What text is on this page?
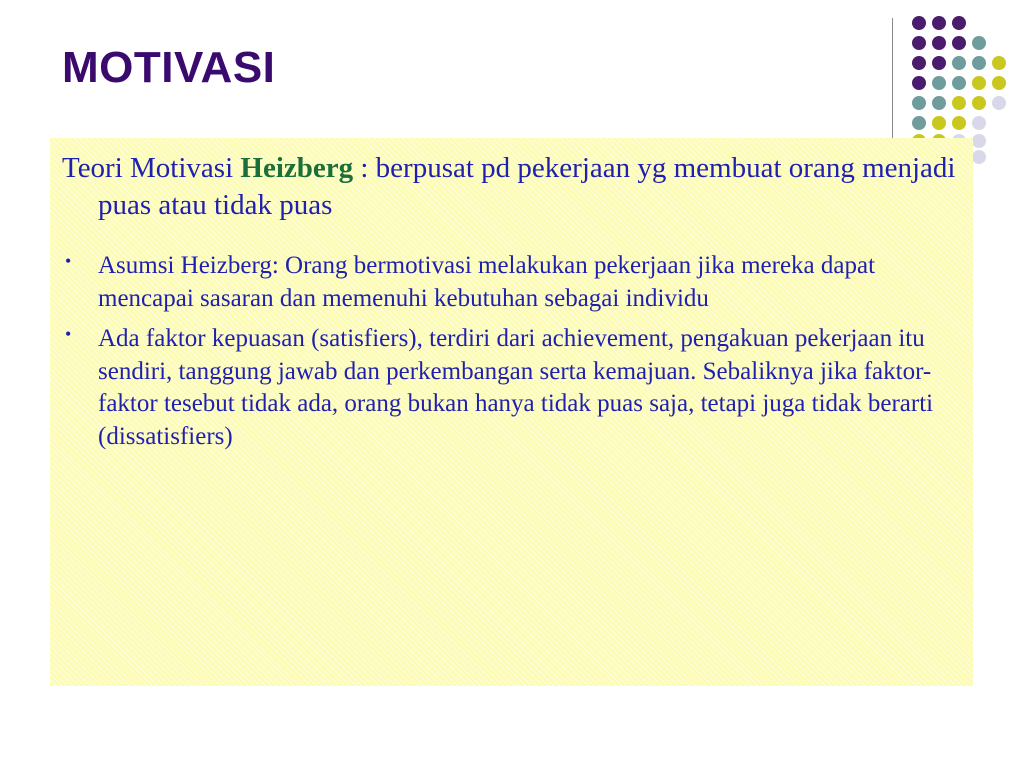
MOTIVASI

Teori Motivasi Heizberg : berpusat pd pekerjaan yg membuat orang menjadi puas atau tidak puas

• Asumsi Heizberg: Orang bermotivasi melakukan pekerjaan jika mereka dapat mencapai sasaran dan memenuhi kebutuhan sebagai individu
• Ada faktor kepuasan (satisfiers), terdiri dari achievement, pengakuan pekerjaan itu sendiri, tanggung jawab dan perkembangan serta kemajuan. Sebaliknya jika faktor-faktor tesebut tidak ada, orang bukan hanya tidak puas saja, tetapi juga tidak berarti (dissatisfiers)
